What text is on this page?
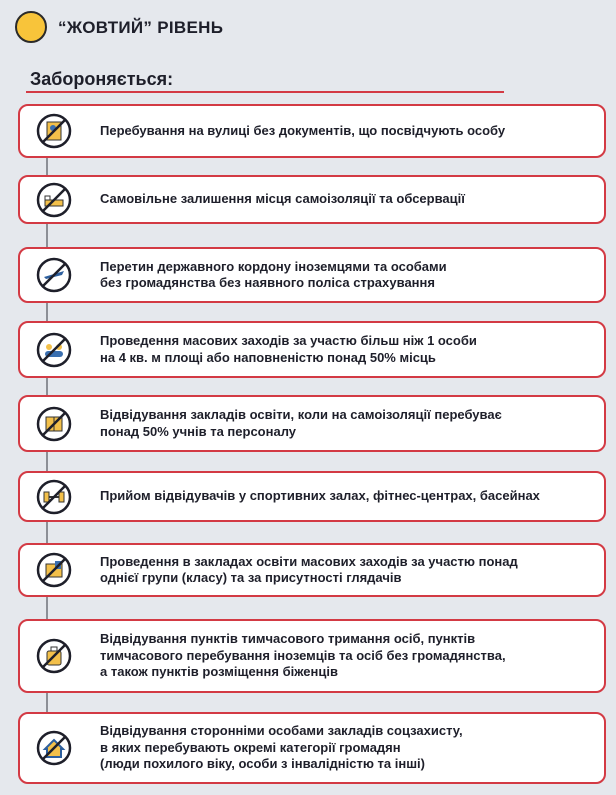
“ЖОВТИЙ” РІВЕНЬ
Забороняється:
Перебування на вулиці без документів, що посвідчують особу
Самовільне залишення місця самоізоляції та обсервації
Перетин державного кордону іноземцями та особами
без громадянства без наявного поліса страхування
Проведення масових заходів за участю більш ніж 1 особи
на 4 кв. м площі або наповненістю понад 50% місць
Відвідування закладів освіти, коли на самоізоляції перебуває
понад 50% учнів та персоналу
Прийом відвідувачів у спортивних залах, фітнес-центрах, басейнах
Проведення в закладах освіти масових заходів за участю понад
однієї групи (класу) та за присутності глядачів
Відвідування пунктів тимчасового тримання осіб, пунктів
тимчасового перебування іноземців та осіб без громадянства,
а також пунктів розміщення біженців
Відвідування сторонніми особами закладів соцзахисту,
в яких перебувають окремі категорії громадян
(люди похилого віку, особи з інвалідністю та інші)
